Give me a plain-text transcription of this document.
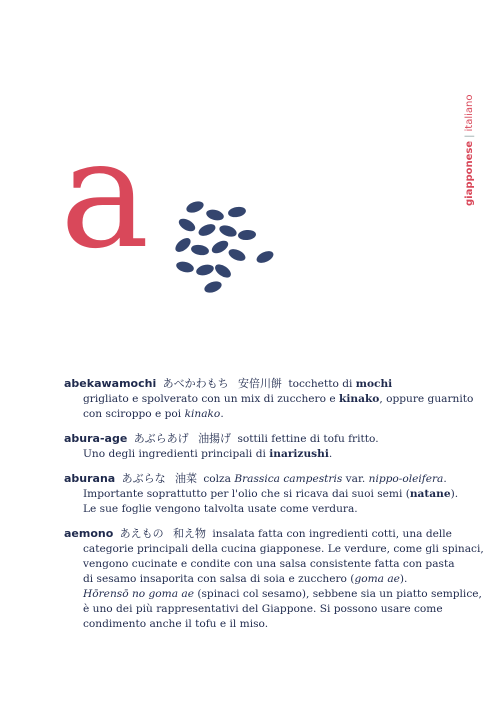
giapponese|italiano
a
abekawamochi あべかわもち 安倍川餅 tocchetto di mochi
grigliato e spolverato con un mix di zucchero e kinako, oppure guarnito
con sciroppo e poi kinako.
abura-age あぶらあげ 油揚げ sottili fettine di tofu fritto.
Uno degli ingredienti principali di inarizushi.
aburana あぶらな 油菜 colza Brassica campestris var. nippo-oleifera.
Importante soprattutto per l'olio che si ricava dai suoi semi (natane).
Le sue foglie vengono talvolta usate come verdura.
aemono あえもの 和え物 insalata fatta con ingredienti cotti, una delle
categorie principali della cucina giapponese. Le verdure, come gli spinaci,
vengono cucinate e condite con una salsa consistente fatta con pasta
di sesamo insaporita con salsa di soia e zucchero (goma ae).
Hōrensō no goma ae (spinaci col sesamo), sebbene sia un piatto semplice,
è uno dei più rappresentativi del Giappone. Si possono usare come
condimento anche il tofu e il miso.
